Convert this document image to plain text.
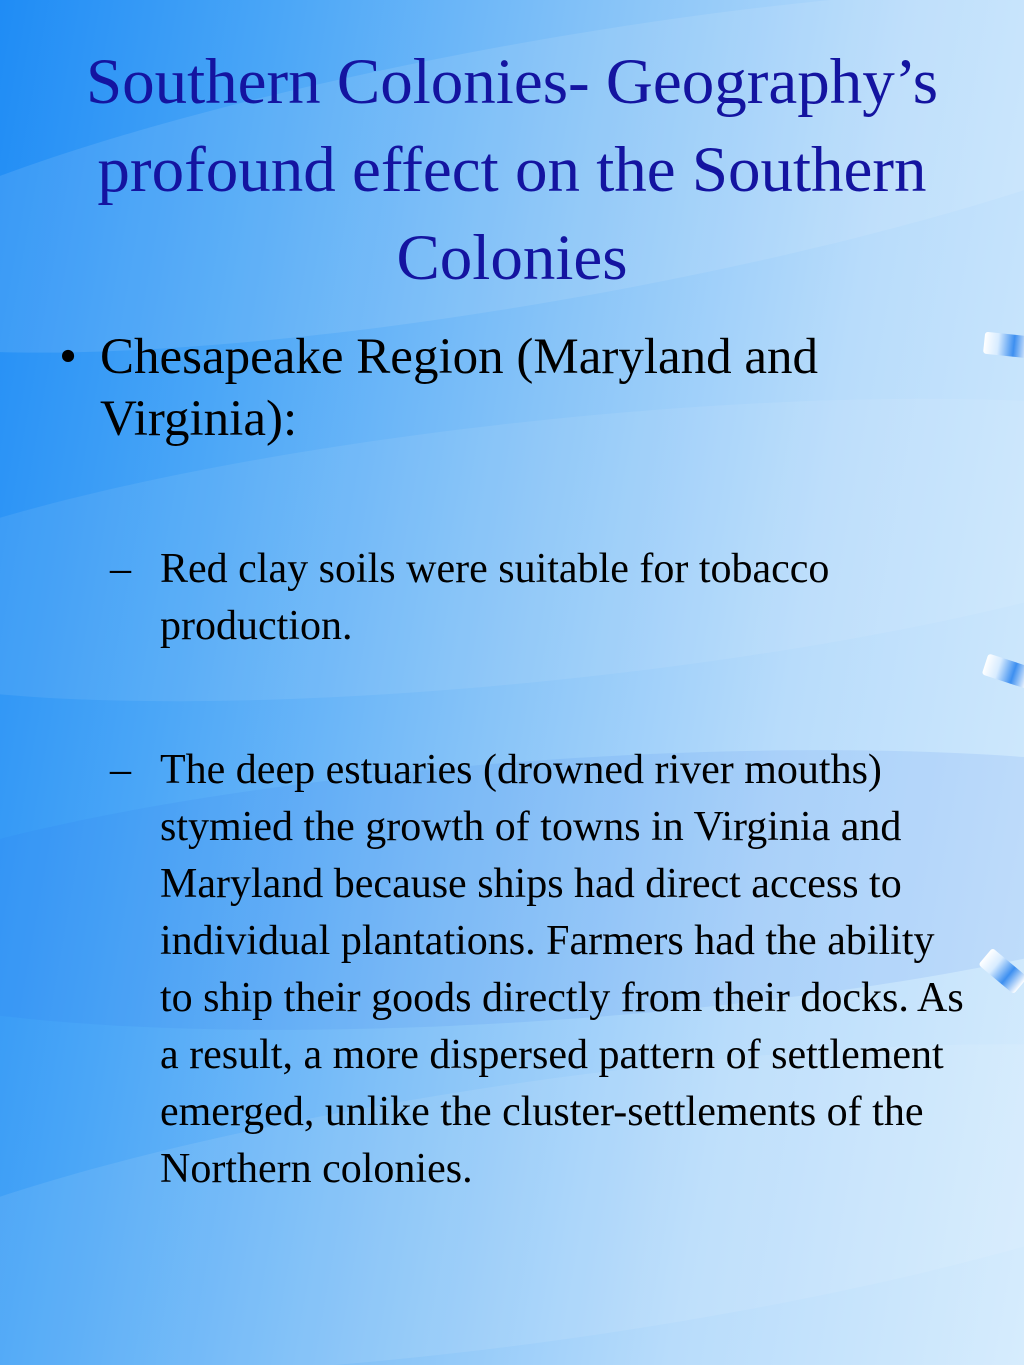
Southern Colonies- Geography’s profound effect on the Southern Colonies
• Chesapeake Region (Maryland and Virginia):
– Red clay soils were suitable for tobacco production.
– The deep estuaries (drowned river mouths) stymied the growth of towns in Virginia and Maryland because ships had direct access to individual plantations. Farmers had the ability to ship their goods directly from their docks. As a result, a more dispersed pattern of settlement emerged, unlike the cluster-settlements of the Northern colonies.
